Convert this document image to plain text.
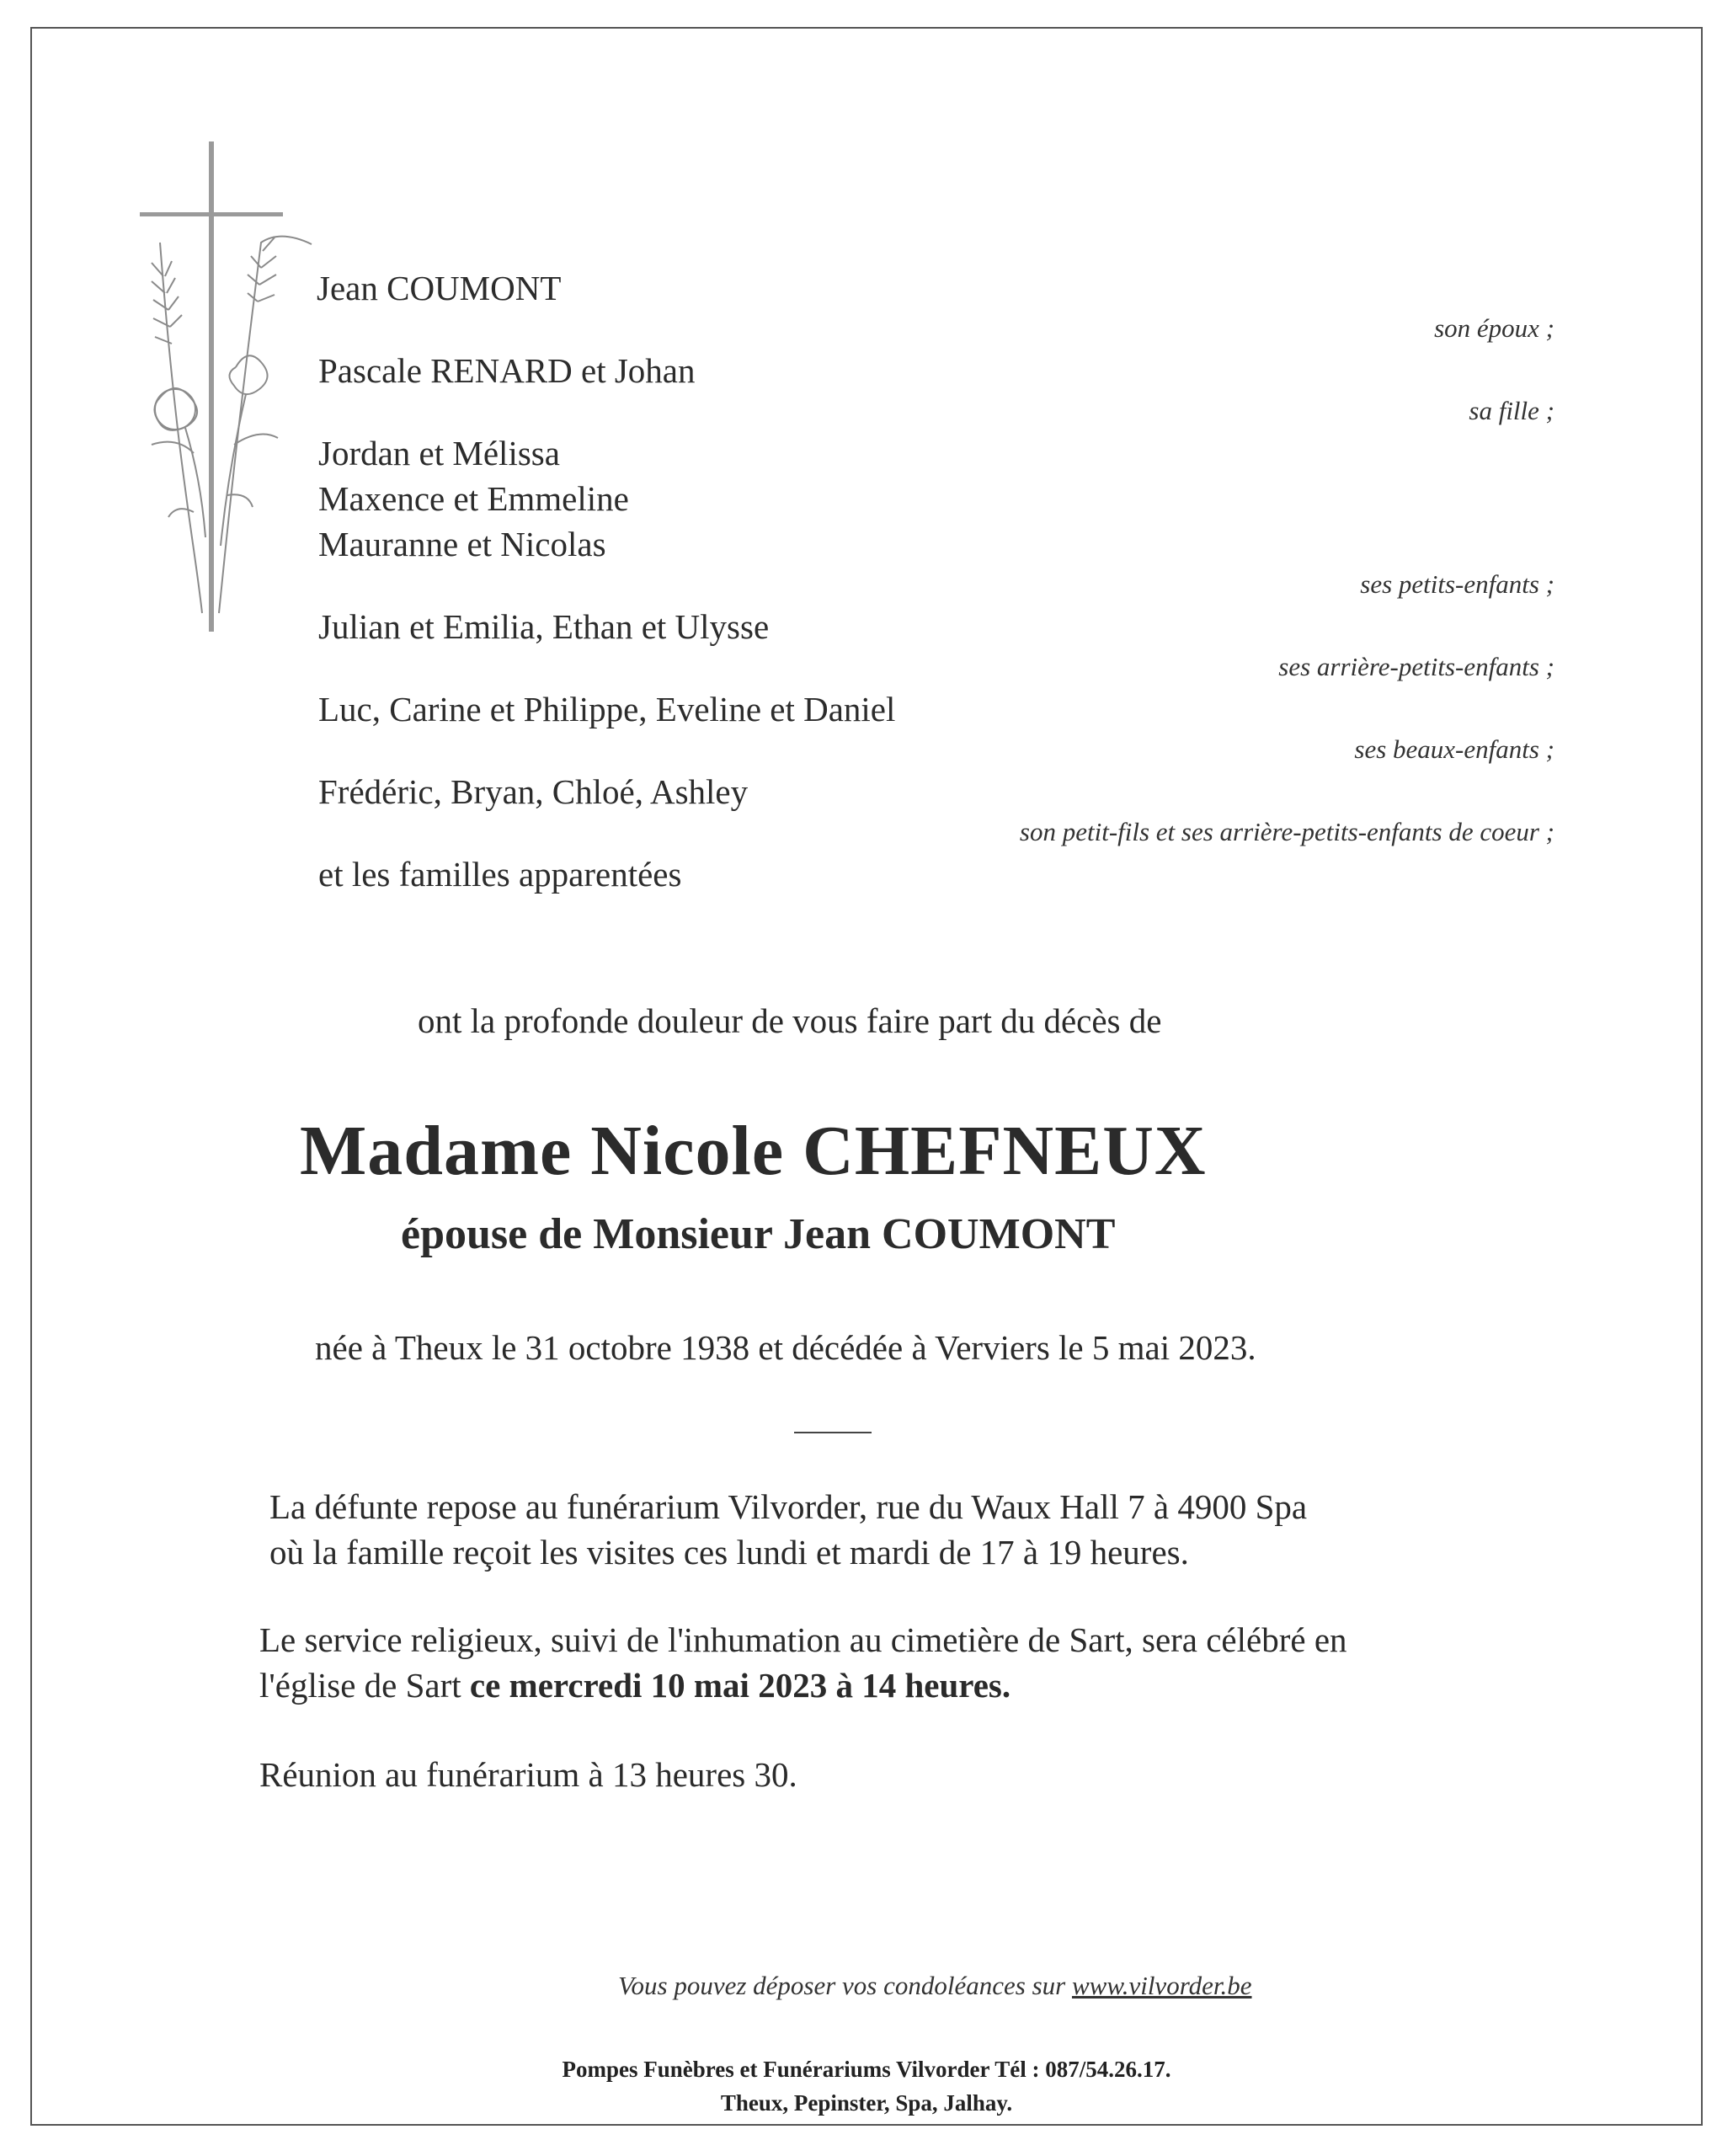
Jean COUMONT
Pascale RENARD et Johan
Jordan et Mélissa
Maxence et Emmeline
Mauranne et Nicolas
Julian et Emilia, Ethan et Ulysse
Luc, Carine et Philippe, Eveline et Daniel
Frédéric, Bryan, Chloé, Ashley
et les familles apparentées
son époux ;
sa fille ;
ses petits-enfants ;
ses arrière-petits-enfants ;
ses beaux-enfants ;
son petit-fils et ses arrière-petits-enfants de coeur ;
ont la profonde douleur de vous faire part du décès de
Madame Nicole CHEFNEUX
épouse de Monsieur Jean COUMONT
née à Theux le 31 octobre 1938 et décédée à Verviers le 5 mai 2023.
La défunte repose au funérarium Vilvorder, rue du Waux Hall 7 à 4900 Spa
où la famille reçoit les visites ces lundi et mardi de 17 à 19 heures.
Le service religieux, suivi de l'inhumation au cimetière de Sart, sera célébré en
l'église de Sart ce mercredi 10 mai 2023 à 14 heures.
Réunion au funérarium à 13 heures 30.
Vous pouvez déposer vos condoléances sur www.vilvorder.be
Pompes Funèbres et Funérariums Vilvorder Tél : 087/54.26.17.
Theux, Pepinster, Spa, Jalhay.
